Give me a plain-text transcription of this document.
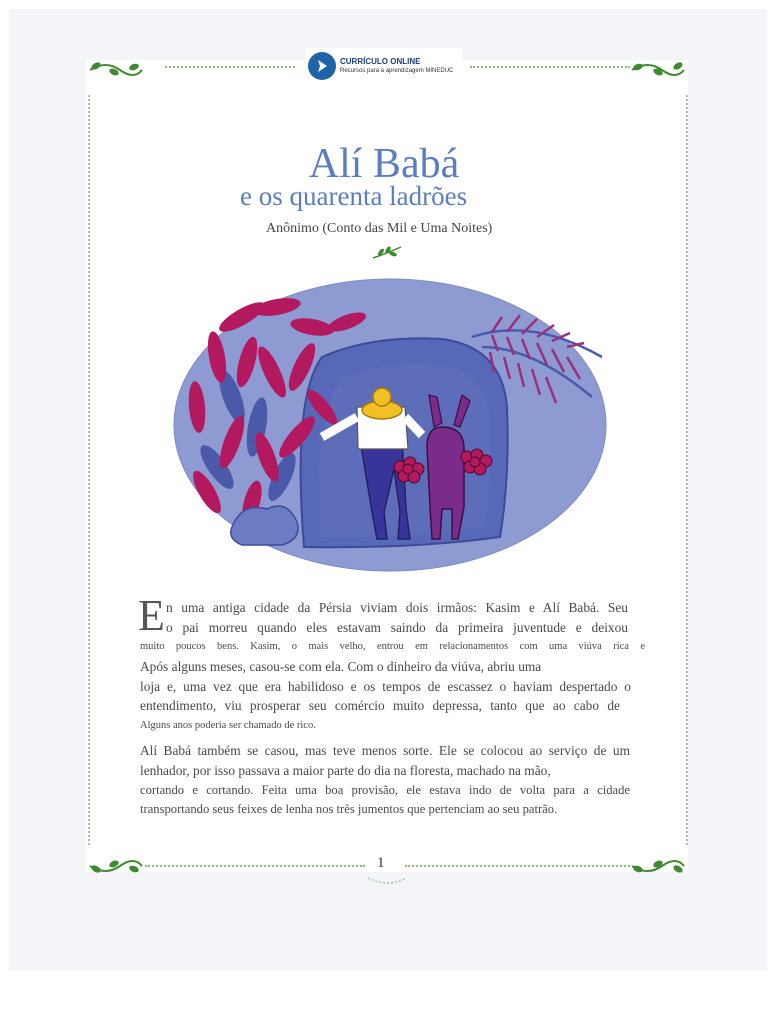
CURRÍCULO ONLINE
Recursos para a aprendizagem MINEDUC
Alí Babá
e os quarenta ladrões
Anônimo (Conto das Mil e Uma Noites)
E n uma antiga cidade da Pérsia viviam dois irmãos: Kasim e Alí Babá. Seu
o pai morreu quando eles estavam saindo da primeira juventude e deixou
muito poucos bens. Kasim, o mais velho, entrou em relacionamentos com uma viúva rica e
Após alguns meses, casou-se com ela. Com o dinheiro da viúva, abriu uma
loja e, uma vez que era habilidoso e os tempos de escassez o haviam despertado o
entendimento, viu prosperar seu comércio muito depressa, tanto que ao cabo de
Alguns anos poderia ser chamado de rico.
Alí Babá também se casou, mas teve menos sorte. Ele se colocou ao serviço de um
lenhador, por isso passava a maior parte do dia na floresta, machado na mão,
cortando e cortando. Feita uma boa provisão, ele estava indo de volta para a cidade
transportando seus feixes de lenha nos três jumentos que pertenciam ao seu patrão.
1
